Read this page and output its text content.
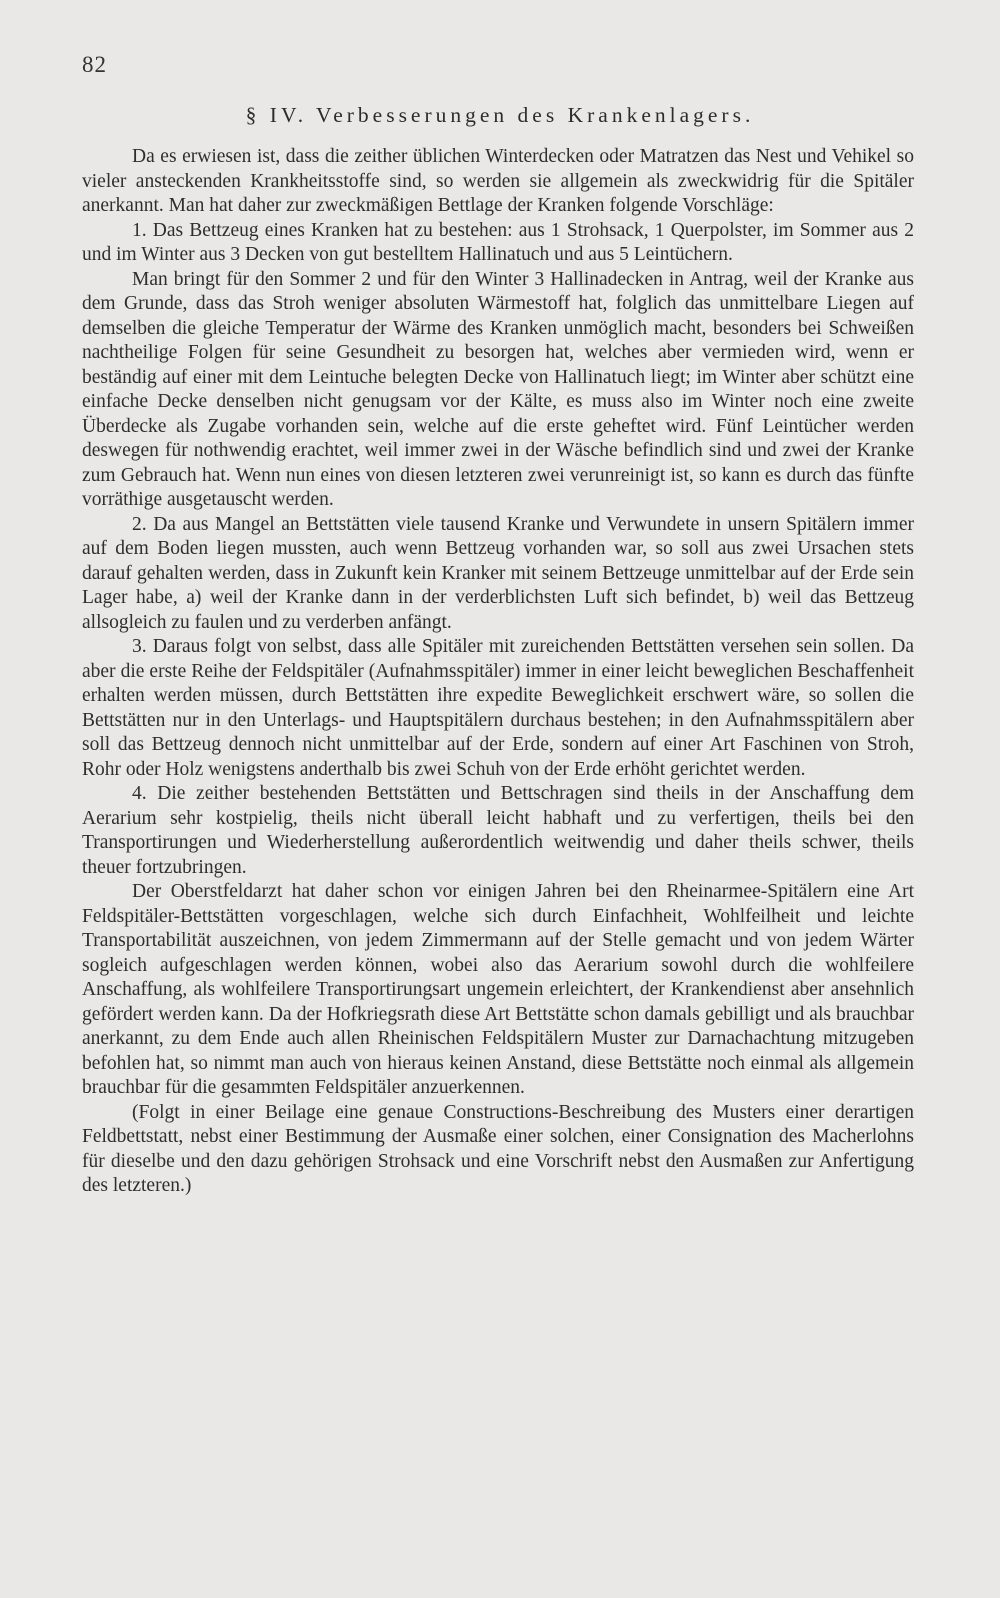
82
§ IV. Verbesserungen des Krankenlagers.

Da es erwiesen ist, dass die zeither üblichen Winterdecken oder Matratzen das Nest und Vehikel so vieler ansteckenden Krankheitsstoffe sind, so werden sie allgemein als zweckwidrig für die Spitäler anerkannt. Man hat daher zur zweckmäßigen Bettlage der Kranken folgende Vorschläge:

1. Das Bettzeug eines Kranken hat zu bestehen: aus 1 Strohsack, 1 Querpolster, im Sommer aus 2 und im Winter aus 3 Decken von gut bestelltem Hallinatuch und aus 5 Leintüchern.

Man bringt für den Sommer 2 und für den Winter 3 Hallinadecken in Antrag, weil der Kranke aus dem Grunde, dass das Stroh weniger absoluten Wärmestoff hat, folglich das unmittelbare Liegen auf demselben die gleiche Temperatur der Wärme des Kranken unmöglich macht, besonders bei Schweißen nachtheilige Folgen für seine Gesundheit zu besorgen hat, welches aber vermieden wird, wenn er beständig auf einer mit dem Leintuche belegten Decke von Hallinatuch liegt; im Winter aber schützt eine einfache Decke denselben nicht genugsam vor der Kälte, es muss also im Winter noch eine zweite Überdecke als Zugabe vorhanden sein, welche auf die erste geheftet wird. Fünf Leintücher werden deswegen für nothwendig erachtet, weil immer zwei in der Wäsche befindlich sind und zwei der Kranke zum Gebrauch hat. Wenn nun eines von diesen letzteren zwei verunreinigt ist, so kann es durch das fünfte vorräthige ausgetauscht werden.

2. Da aus Mangel an Bettstätten viele tausend Kranke und Verwundete in unsern Spitälern immer auf dem Boden liegen mussten, auch wenn Bettzeug vorhanden war, so soll aus zwei Ursachen stets darauf gehalten werden, dass in Zukunft kein Kranker mit seinem Bettzeuge unmittelbar auf der Erde sein Lager habe, a) weil der Kranke dann in der verderblichsten Luft sich befindet, b) weil das Bettzeug allsogleich zu faulen und zu verderben anfängt.

3. Daraus folgt von selbst, dass alle Spitäler mit zureichenden Bettstätten versehen sein sollen. Da aber die erste Reihe der Feldspitäler (Aufnahmsspitäler) immer in einer leicht beweglichen Beschaffenheit erhalten werden müssen, durch Bettstätten ihre expedite Beweglichkeit erschwert wäre, so sollen die Bettstätten nur in den Unterlags- und Hauptspitälern durchaus bestehen; in den Aufnahmsspitälern aber soll das Bettzeug dennoch nicht unmittelbar auf der Erde, sondern auf einer Art Faschinen von Stroh, Rohr oder Holz wenigstens anderthalb bis zwei Schuh von der Erde erhöht gerichtet werden.

4. Die zeither bestehenden Bettstätten und Bettschragen sind theils in der Anschaffung dem Aerarium sehr kostpielig, theils nicht überall leicht habhaft und zu verfertigen, theils bei den Transportirungen und Wiederherstellung außerordentlich weitwendig und daher theils schwer, theils theuer fortzubringen.

Der Oberstfeldarzt hat daher schon vor einigen Jahren bei den Rheinarmee-Spitälern eine Art Feldspitäler-Bettstätten vorgeschlagen, welche sich durch Einfachheit, Wohlfeilheit und leichte Transportabilität auszeichnen, von jedem Zimmermann auf der Stelle gemacht und von jedem Wärter sogleich aufgeschlagen werden können, wobei also das Aerarium sowohl durch die wohlfeilere Anschaffung, als wohlfeilere Transportirungsart ungemein erleichtert, der Krankendienst aber ansehnlich gefördert werden kann. Da der Hofkriegsrath diese Art Bettstätte schon damals gebilligt und als brauchbar anerkannt, zu dem Ende auch allen Rheinischen Feldspitälern Muster zur Darnachachtung mitzugeben befohlen hat, so nimmt man auch von hieraus keinen Anstand, diese Bettstätte noch einmal als allgemein brauchbar für die gesammten Feldspitäler anzuerkennen.

(Folgt in einer Beilage eine genaue Constructions-Beschreibung des Musters einer derartigen Feldbettstatt, nebst einer Bestimmung der Ausmaße einer solchen, einer Consignation des Macherlohns für dieselbe und den dazu gehörigen Strohsack und eine Vorschrift nebst den Ausmaßen zur Anfertigung des letzteren.)
